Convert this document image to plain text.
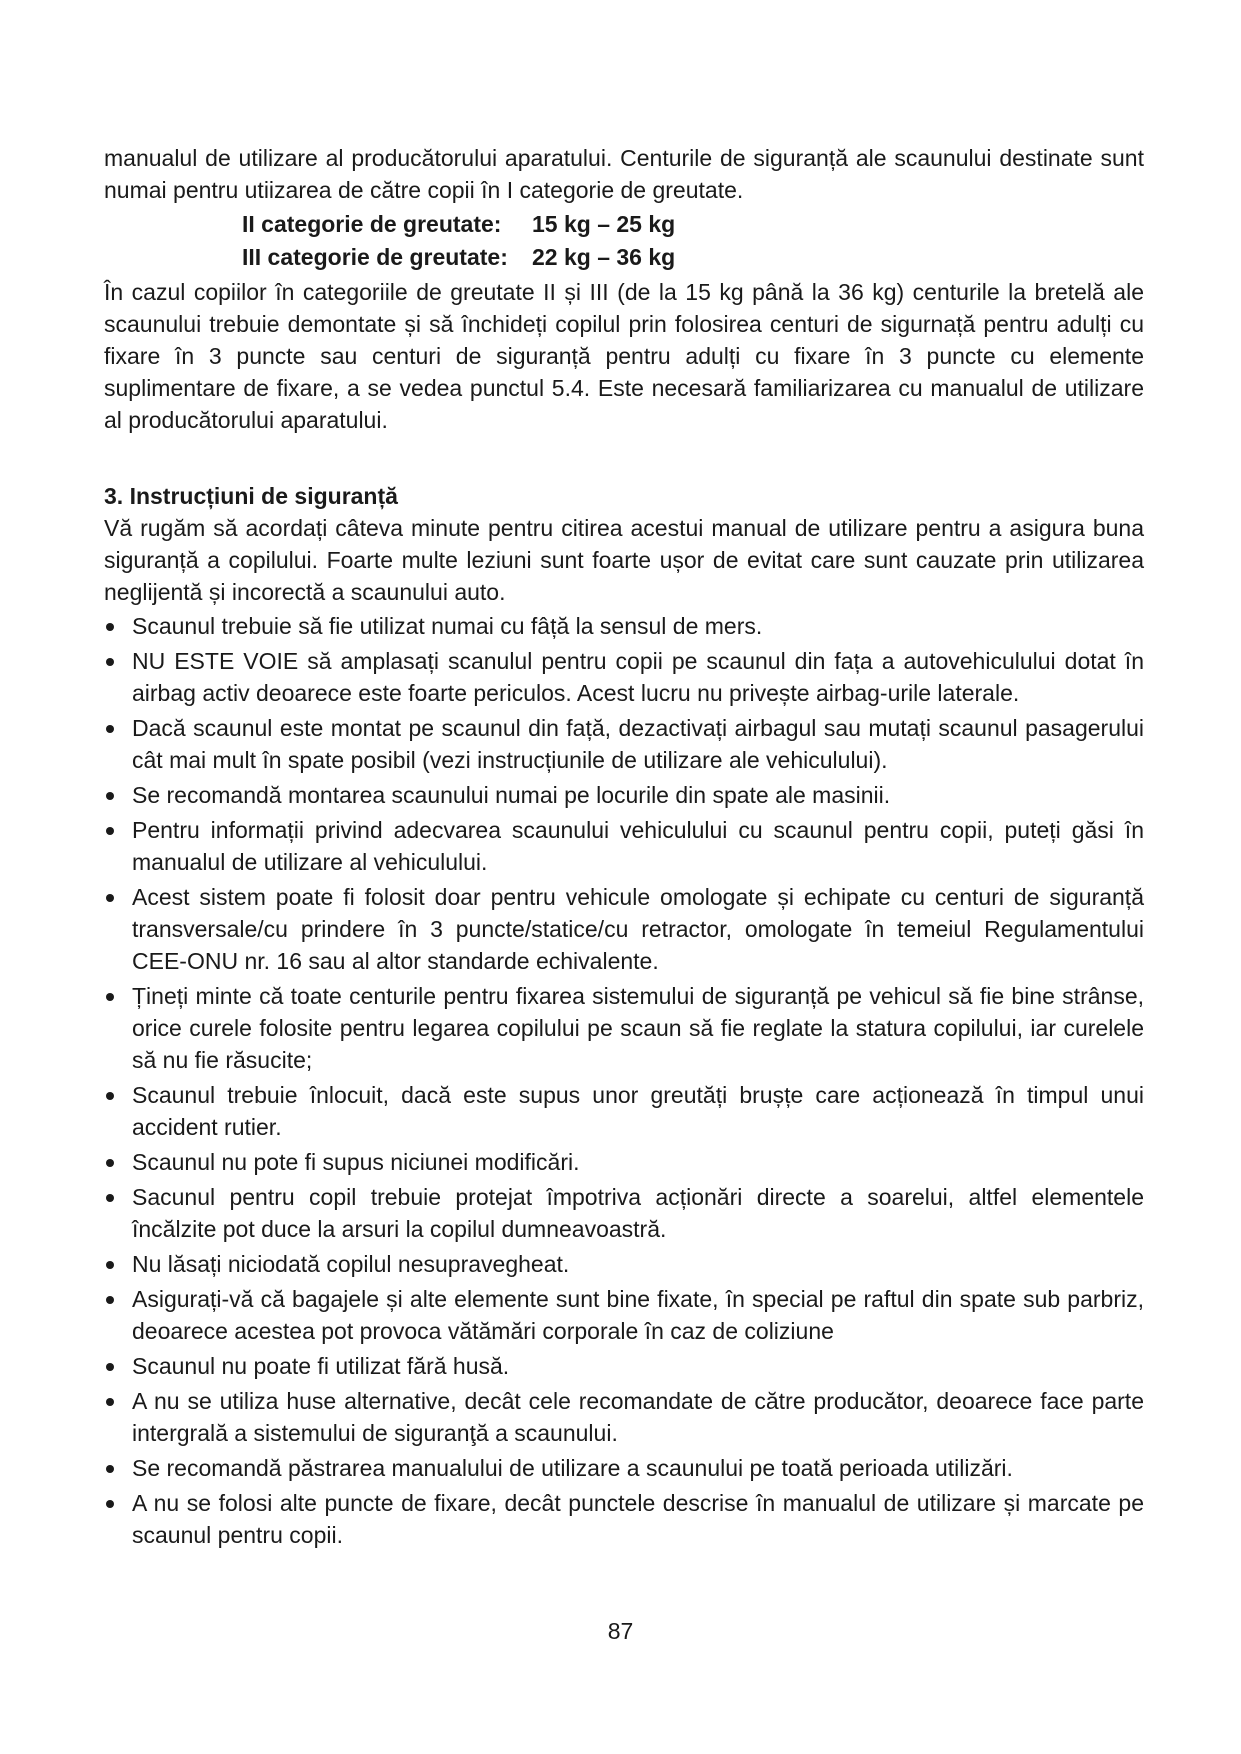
manualul de utilizare al producătorului aparatului. Centurile de siguranță ale scaunului destinate sunt numai pentru utiizarea de către copii în I categorie de greutate.

II categorie de greutate:	15 kg – 25 kg
III categorie de greutate:	22 kg – 36 kg

În cazul copiilor în categoriile de greutate II și III (de la 15 kg până la 36 kg) centurile la bretelă ale scaunului trebuie demontate și să închideți copilul prin folosirea centuri de sigurnață pentru adulți cu fixare în 3 puncte sau centuri de siguranță pentru adulți cu fixare în 3 puncte cu elemente suplimentare de fixare, a se vedea punctul 5.4. Este necesară familiarizarea cu manualul de utilizare al producătorului aparatului.

3. Instrucțiuni de siguranță

Vă rugăm să acordați câteva minute pentru citirea acestui manual de utilizare pentru a asigura buna siguranță a copilului. Foarte multe leziuni sunt foarte ușor de evitat care sunt cauzate prin utilizarea neglijentă și incorectă a scaunului auto.

Scaunul trebuie să fie utilizat numai cu fâță la sensul de mers.
NU ESTE VOIE să amplasați scanulul pentru copii pe scaunul din fața a autovehiculului dotat în airbag activ deoarece este foarte periculos. Acest lucru nu privește airbag-urile laterale.
Dacă scaunul este montat pe scaunul din față, dezactivați airbagul sau mutați scaunul pasagerului cât mai mult în spate posibil (vezi instrucțiunile de utilizare ale vehiculului).
Se recomandă montarea scaunului numai pe locurile din spate ale masinii.
Pentru informații privind adecvarea scaunului vehiculului cu scaunul pentru copii, puteți găsi în manualul de utilizare al vehiculului.
Acest sistem poate fi folosit doar pentru vehicule omologate și echipate cu centuri de siguranță transversale/cu prindere în 3 puncte/statice/cu retractor, omologate în temeiul Regulamentului CEE-ONU nr. 16 sau al altor standarde echivalente.
Țineți minte că toate centurile pentru fixarea sistemului de siguranță pe vehicul să fie bine strânse, orice curele folosite pentru legarea copilului pe scaun să fie reglate la statura copilului, iar curelele să nu fie răsucite;
Scaunul trebuie înlocuit, dacă este supus unor greutăți brușțe care acționează în timpul unui accident rutier.
Scaunul nu pote fi supus niciunei modificări.
Sacunul pentru copil trebuie protejat împotriva acționări directe a soarelui, altfel elementele încălzite pot duce la arsuri la copilul dumneavoastră.
Nu lăsați niciodată copilul nesupravegheat.
Asigurați-vă că bagajele și alte elemente sunt bine fixate, în special pe raftul din spate sub parbriz, deoarece acestea pot provoca vătămări corporale în caz de coliziune
Scaunul nu poate fi utilizat fără husă.
A nu se utiliza huse alternative, decât cele recomandate de către producător, deoarece face parte intergrală a sistemului de siguranţă a scaunului.
Se recomandă păstrarea manualului de utilizare a scaunului pe toată perioada utilizări.
A nu se folosi alte puncte de fixare, decât punctele descrise în manualul de utilizare și marcate pe scaunul pentru copii.
87
